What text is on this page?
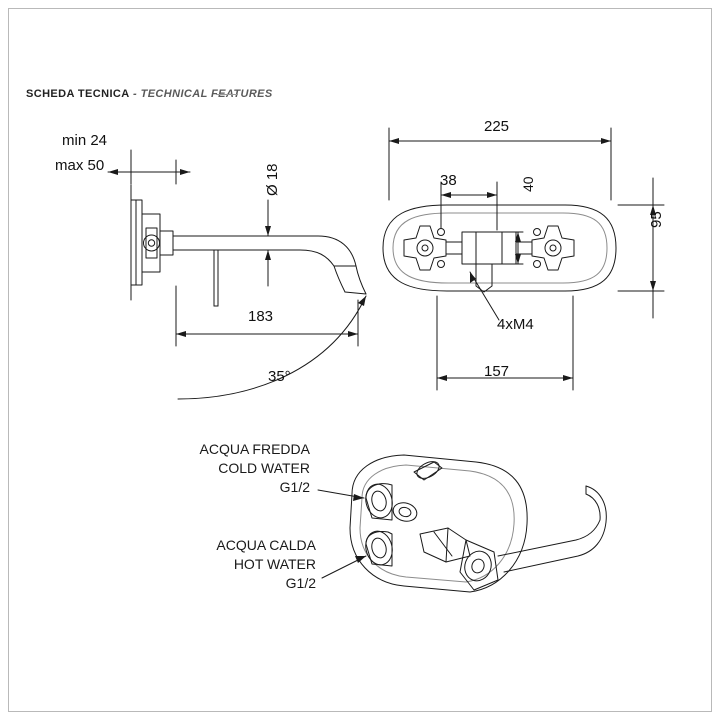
SCHEDA TECNICA - TECHNICAL FEATURES
min 24
max 50	Ø 18
183
35°
225
38	40
4xM4
95
157
ACQUA FREDDA
COLD WATER
G1/2
ACQUA CALDA
HOT WATER
G1/2
